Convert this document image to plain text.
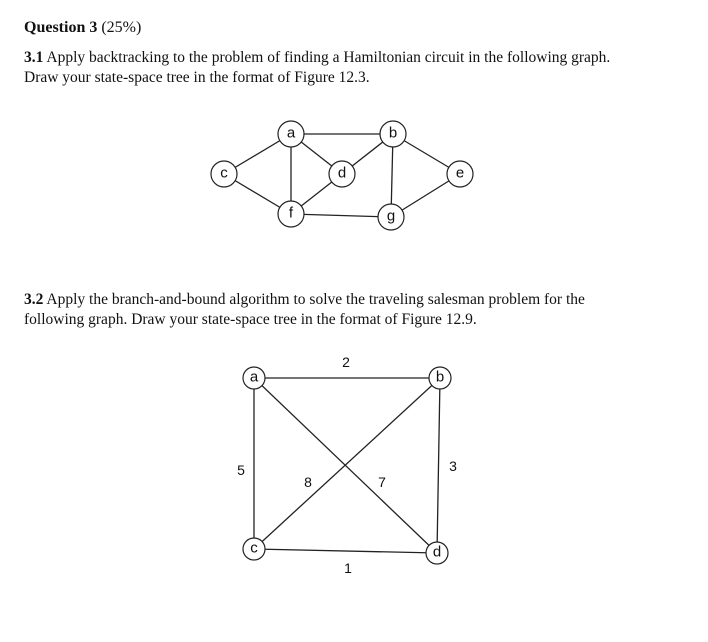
Question 3 (25%)
3.1 Apply backtracking to the problem of finding a Hamiltonian circuit in the following graph.
Draw your state-space tree in the format of Figure 12.3.
a	b
c	d	e
f	g
2
3
5
1
8	7
a	b
c	d
3.2 Apply the branch-and-bound algorithm to solve the traveling salesman problem for the
following graph. Draw your state-space tree in the format of Figure 12.9.
